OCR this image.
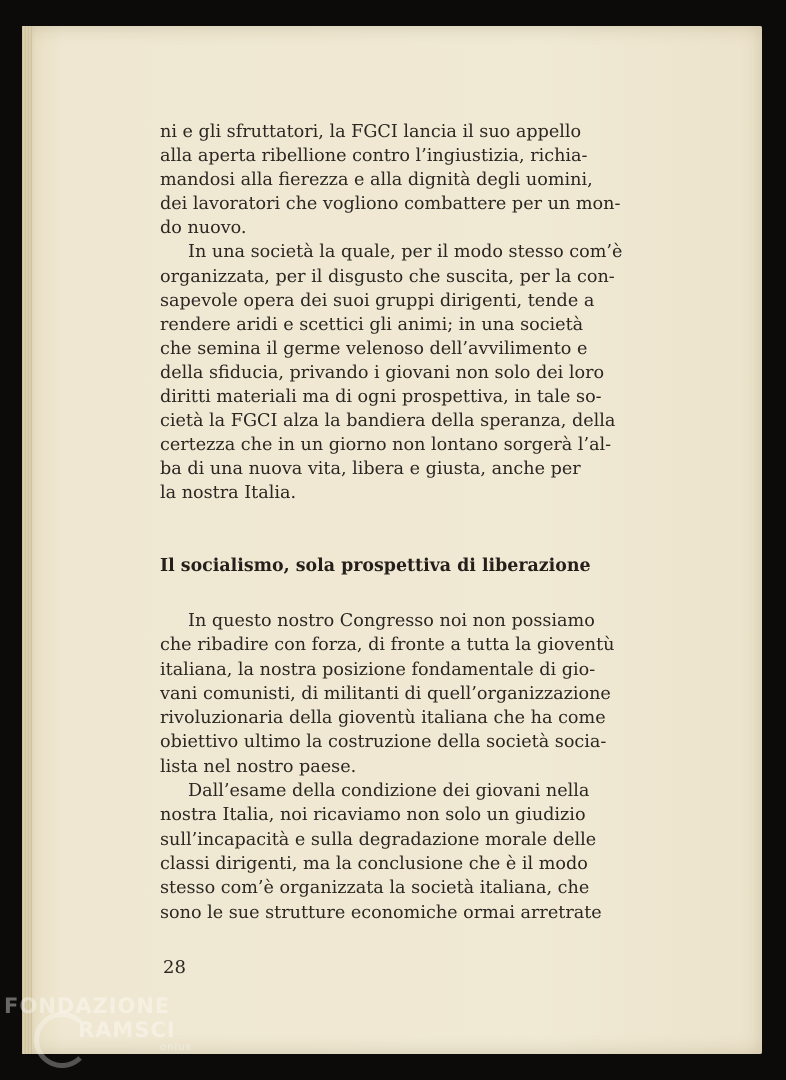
ni e gli sfruttatori, la FGCI lancia il suo appello
alla aperta ribellione contro l’ingiustizia, richia-
mandosi alla fierezza e alla dignità degli uomini,
dei lavoratori che vogliono combattere per un mon-
do nuovo.

In una società la quale, per il modo stesso com’è
organizzata, per il disgusto che suscita, per la con-
sapevole opera dei suoi gruppi dirigenti, tende a
rendere aridi e scettici gli animi; in una società
che semina il germe velenoso dell’avvilimento e
della sfiducia, privando i giovani non solo dei loro
diritti materiali ma di ogni prospettiva, in tale so-
cietà la FGCI alza la bandiera della speranza, della
certezza che in un giorno non lontano sorgerà l’al-
ba di una nuova vita, libera e giusta, anche per
la nostra Italia.

Il socialismo, sola prospettiva di liberazione

In questo nostro Congresso noi non possiamo
che ribadire con forza, di fronte a tutta la gioventù
italiana, la nostra posizione fondamentale di gio-
vani comunisti, di militanti di quell’organizzazione
rivoluzionaria della gioventù italiana che ha come
obiettivo ultimo la costruzione della società socia-
lista nel nostro paese.

Dall’esame della condizione dei giovani nella
nostra Italia, noi ricaviamo non solo un giudizio
sull’incapacità e sulla degradazione morale delle
classi dirigenti, ma la conclusione che è il modo
stesso com’è organizzata la società italiana, che
sono le sue strutture economiche ormai arretrate

28
FONDAZIONE
RAMSCI
onlus
